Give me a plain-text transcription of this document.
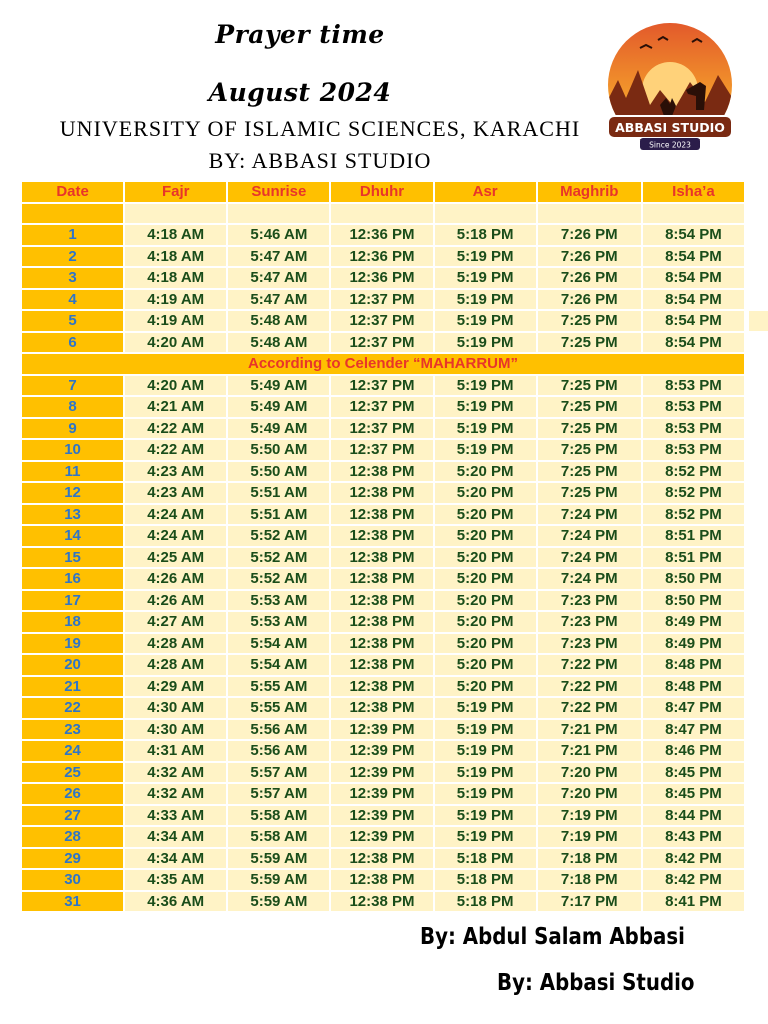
Prayer time
August 2024
UNIVERSITY OF ISLAMIC SCIENCES, KARACHI
BY: ABBASI STUDIO
ABBASI STUDIO
Since 2023
Date	Fajr	Sunrise	Dhuhr	Asr	Maghrib	Isha’a

1	4:18 AM	5:46 AM	12:36 PM	5:18 PM	7:26 PM	8:54 PM
2	4:18 AM	5:47 AM	12:36 PM	5:19 PM	7:26 PM	8:54 PM
3	4:18 AM	5:47 AM	12:36 PM	5:19 PM	7:26 PM	8:54 PM
4	4:19 AM	5:47 AM	12:37 PM	5:19 PM	7:26 PM	8:54 PM
5	4:19 AM	5:48 AM	12:37 PM	5:19 PM	7:25 PM	8:54 PM
6	4:20 AM	5:48 AM	12:37 PM	5:19 PM	7:25 PM	8:54 PM
According to Celender “MAHARRUM”						
7	4:20 AM	5:49 AM	12:37 PM	5:19 PM	7:25 PM	8:53 PM
8	4:21 AM	5:49 AM	12:37 PM	5:19 PM	7:25 PM	8:53 PM
9	4:22 AM	5:49 AM	12:37 PM	5:19 PM	7:25 PM	8:53 PM
10	4:22 AM	5:50 AM	12:37 PM	5:19 PM	7:25 PM	8:53 PM
11	4:23 AM	5:50 AM	12:38 PM	5:20 PM	7:25 PM	8:52 PM
12	4:23 AM	5:51 AM	12:38 PM	5:20 PM	7:25 PM	8:52 PM
13	4:24 AM	5:51 AM	12:38 PM	5:20 PM	7:24 PM	8:52 PM
14	4:24 AM	5:52 AM	12:38 PM	5:20 PM	7:24 PM	8:51 PM
15	4:25 AM	5:52 AM	12:38 PM	5:20 PM	7:24 PM	8:51 PM
16	4:26 AM	5:52 AM	12:38 PM	5:20 PM	7:24 PM	8:50 PM
17	4:26 AM	5:53 AM	12:38 PM	5:20 PM	7:23 PM	8:50 PM
18	4:27 AM	5:53 AM	12:38 PM	5:20 PM	7:23 PM	8:49 PM
19	4:28 AM	5:54 AM	12:38 PM	5:20 PM	7:23 PM	8:49 PM
20	4:28 AM	5:54 AM	12:38 PM	5:20 PM	7:22 PM	8:48 PM
21	4:29 AM	5:55 AM	12:38 PM	5:20 PM	7:22 PM	8:48 PM
22	4:30 AM	5:55 AM	12:38 PM	5:19 PM	7:22 PM	8:47 PM
23	4:30 AM	5:56 AM	12:39 PM	5:19 PM	7:21 PM	8:47 PM
24	4:31 AM	5:56 AM	12:39 PM	5:19 PM	7:21 PM	8:46 PM
25	4:32 AM	5:57 AM	12:39 PM	5:19 PM	7:20 PM	8:45 PM
26	4:32 AM	5:57 AM	12:39 PM	5:19 PM	7:20 PM	8:45 PM
27	4:33 AM	5:58 AM	12:39 PM	5:19 PM	7:19 PM	8:44 PM
28	4:34 AM	5:58 AM	12:39 PM	5:19 PM	7:19 PM	8:43 PM
29	4:34 AM	5:59 AM	12:38 PM	5:18 PM	7:18 PM	8:42 PM
30	4:35 AM	5:59 AM	12:38 PM	5:18 PM	7:18 PM	8:42 PM
31	4:36 AM	5:59 AM	12:38 PM	5:18 PM	7:17 PM	8:41 PM
By: Abdul Salam Abbasi
By: Abbasi Studio
